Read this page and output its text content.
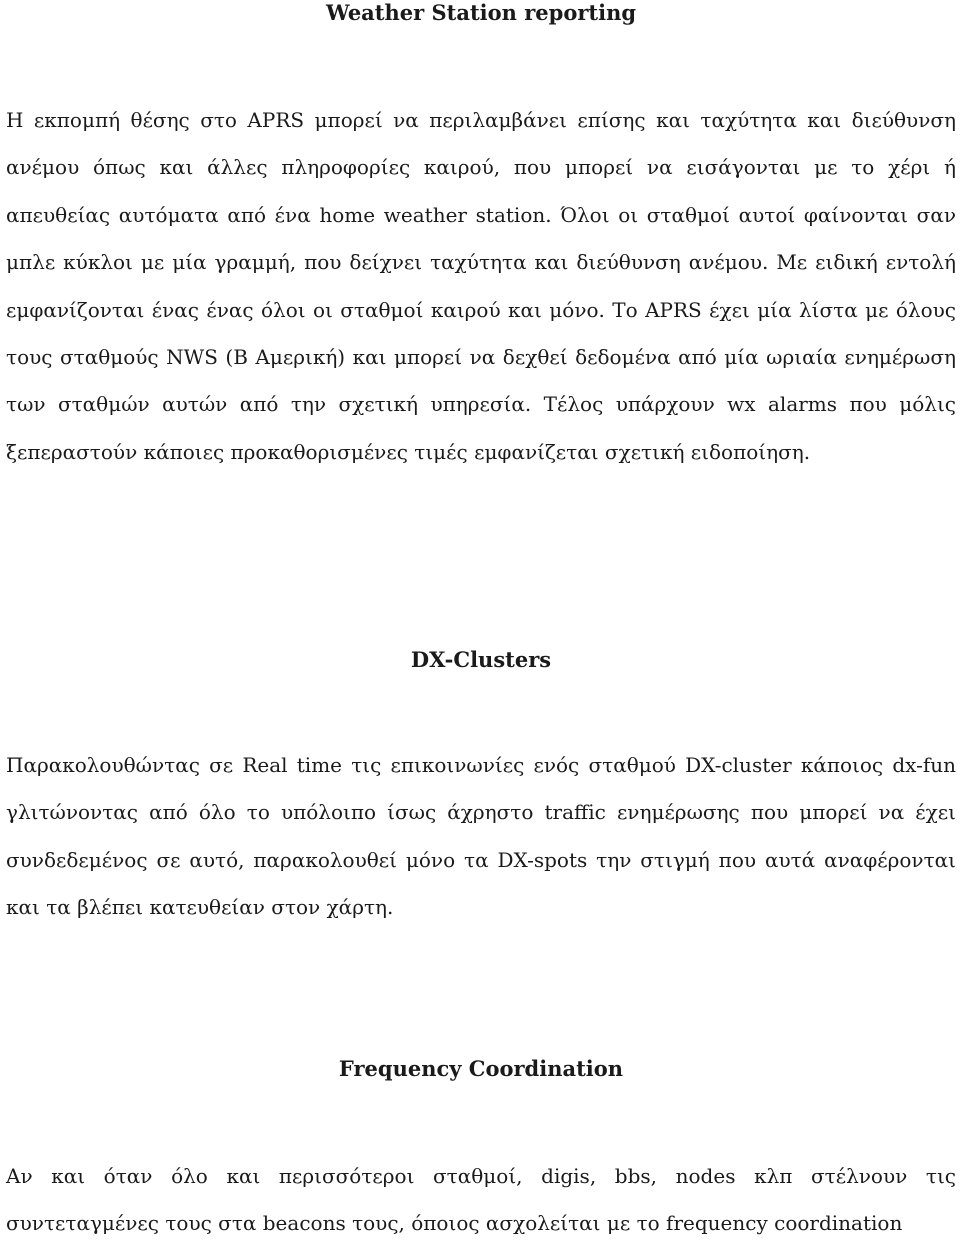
Weather Station reporting

Η εκπομπή θέσης στο APRS μπορεί να περιλαμβάνει επίσης και ταχύτητα και διεύθυνση ανέμου όπως και άλλες πληροφορίες καιρού, που μπορεί να εισάγονται με το χέρι ή απευθείας αυτόματα από ένα home weather station. Όλοι οι σταθμοί αυτοί φαίνονται σαν μπλε κύκλοι με μία γραμμή, που δείχνει ταχύτητα και διεύθυνση ανέμου. Με ειδική εντολή εμφανίζονται ένας ένας όλοι οι σταθμοί καιρού και μόνο. Το APRS έχει μία λίστα με όλους τους σταθμούς NWS (Β Αμερική) και μπορεί να δεχθεί δεδομένα από μία ωριαία ενημέρωση των σταθμών αυτών από την σχετική υπηρεσία. Τέλος υπάρχουν wx alarms που μόλις ξεπεραστούν κάποιες προκαθορισμένες τιμές εμφανίζεται σχετική ειδοποίηση.

DX-Clusters

Παρακολουθώντας σε Real time τις επικοινωνίες ενός σταθμού DX-cluster κάποιος dx-fun γλιτώνοντας από όλο το υπόλοιπο ίσως άχρηστο traffic ενημέρωσης που μπορεί να έχει συνδεδεμένος σε αυτό, παρακολουθεί μόνο τα DX-spots την στιγμή που αυτά αναφέρονται και τα βλέπει κατευθείαν στον χάρτη.

Frequency Coordination

Αν και όταν όλο και περισσότεροι σταθμοί, digis, bbs, nodes κλπ στέλνουν τις συντεταγμένες τους στα beacons τους, όποιος ασχολείται με το frequency coordination
